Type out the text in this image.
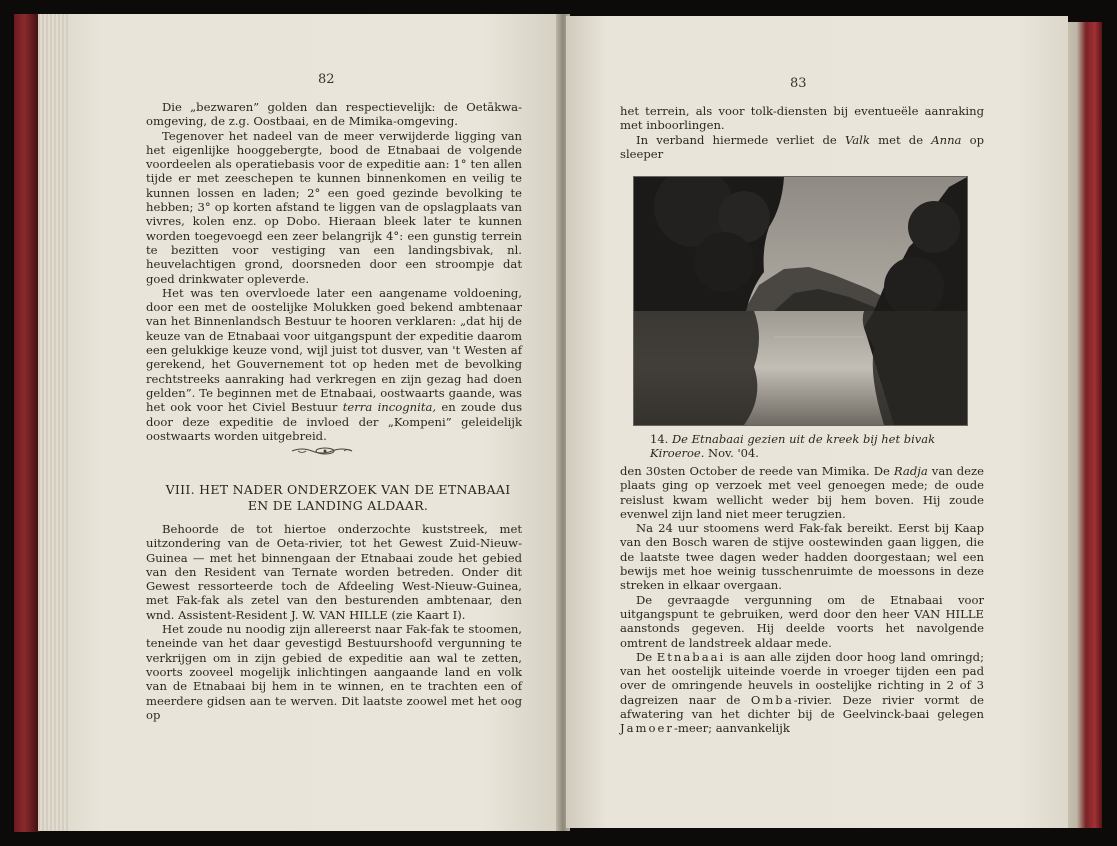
82

Die „bezwaren” golden dan respectievelijk: de Oetākwa-omgeving, de z.g. Oostbaai, en de Mimika-omgeving.

Tegenover het nadeel van de meer verwijderde ligging van het eigenlijke hooggebergte, bood de Etnabaai de volgende voordeelen als operatiebasis voor de expeditie aan: 1° ten allen tijde er met zeeschepen te kunnen binnenkomen en veilig te kunnen lossen en laden; 2° een goed gezinde bevolking te hebben; 3° op korten afstand te liggen van de opslagplaats van vivres, kolen enz. op Dobo. Hieraan bleek later te kunnen worden toegevoegd een zeer belangrijk 4°: een gunstig terrein te bezitten voor vestiging van een landingsbivak, nl. heuvelachtigen grond, doorsneden door een stroompje dat goed drinkwater opleverde.

Het was ten overvloede later een aangename voldoening, door een met de oostelijke Molukken goed bekend ambtenaar van het Binnenlandsch Bestuur te hooren verklaren: „dat hij de keuze van de Etnabaai voor uitgangspunt der expeditie daarom een gelukkige keuze vond, wijl juist tot dusver, van 't Westen af gerekend, het Gouvernement tot op heden met de bevolking rechtstreeks aanraking had verkregen en zijn gezag had doen gelden”. Te beginnen met de Etnabaai, oostwaarts gaande, was het ook voor het Civiel Bestuur terra incognita, en zoude dus door deze expeditie de invloed der „Kompeni” geleidelijk oostwaarts worden uitgebreid.

VIII. HET NADER ONDERZOEK VAN DE ETNABAAI
EN DE LANDING ALDAAR.

Behoorde de tot hiertoe onderzochte kuststreek, met uitzondering van de Oeta-rivier, tot het Gewest Zuid-Nieuw-Guinea — met het binnengaan der Etnabaai zoude het gebied van den Resident van Ternate worden betreden. Onder dit Gewest ressorteerde toch de Afdeeling West-Nieuw-Guinea, met Fak-fak als zetel van den besturenden ambtenaar, den wnd. Assistent-Resident J. W. VAN HILLE (zie Kaart I).

Het zoude nu noodig zijn allereerst naar Fak-fak te stoomen, teneinde van het daar gevestigd Bestuurshoofd vergunning te verkrijgen om in zijn gebied de expeditie aan wal te zetten, voorts zooveel mogelijk inlichtingen aangaande land en volk van de Etnabaai bij hem in te winnen, en te trachten een of meerdere gidsen aan te werven. Dit laatste zoowel met het oog op

83

het terrein, als voor tolk-diensten bij eventueële aanraking met inboorlingen.

In verband hiermede verliet de Valk met de Anna op sleeper

14. De Etnabaai gezien uit de kreek bij het bivak Kiroeroe. Nov. '04.

den 30sten October de reede van Mimika. De Radja van deze plaats ging op verzoek met veel genoegen mede; de oude reislust kwam wellicht weder bij hem boven. Hij zoude evenwel zijn land niet meer terugzien.

Na 24 uur stoomens werd Fak-fak bereikt. Eerst bij Kaap van den Bosch waren de stijve oostewinden gaan liggen, die de laatste twee dagen weder hadden doorgestaan; wel een bewijs met hoe weinig tusschenruimte de moessons in deze streken in elkaar overgaan.

De gevraagde vergunning om de Etnabaai voor uitgangspunt te gebruiken, werd door den heer VAN HILLE aanstonds gegeven. Hij deelde voorts het navolgende omtrent de landstreek aldaar mede.

De Etnabaai is aan alle zijden door hoog land omringd; van het oostelijk uiteinde voerde in vroeger tijden een pad over de omringende heuvels in oostelijke richting in 2 of 3 dagreizen naar de Omba-rivier. Deze rivier vormt de afwatering van het dichter bij de Geelvinck-baai gelegen Jamoer-meer; aanvankelijk
